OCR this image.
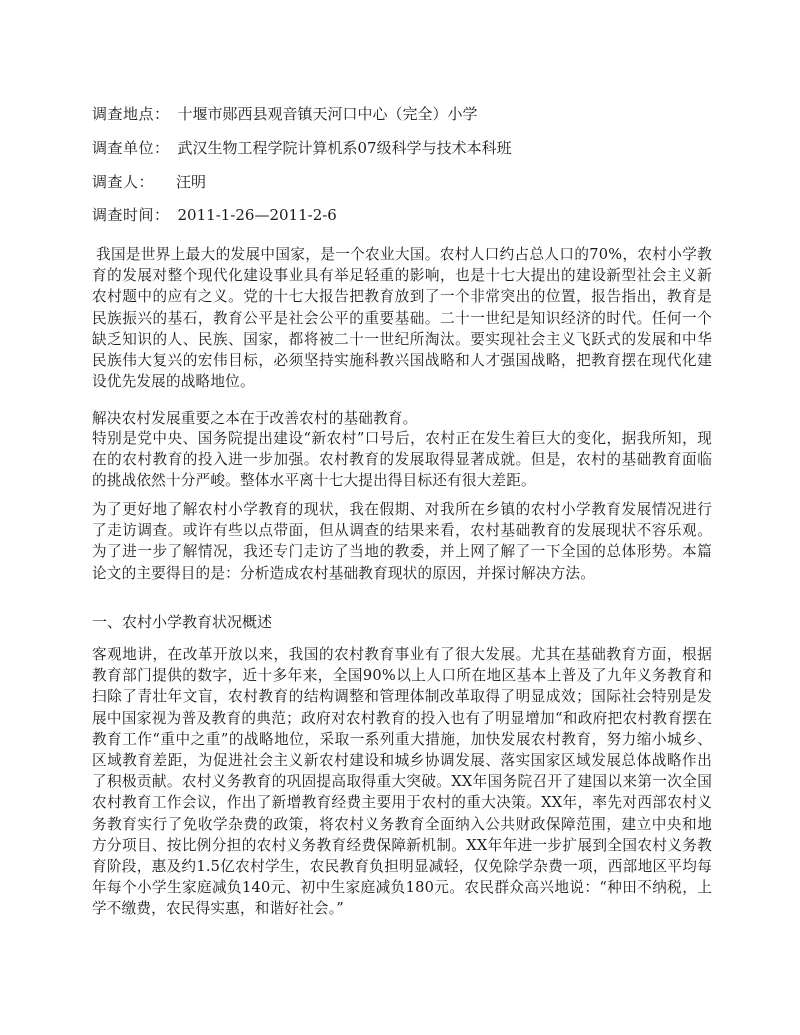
调查地点： 十堰市郧西县观音镇天河口中心（完全）小学
调查单位： 武汉生物工程学院计算机系07级科学与技术本科班
调查人： 汪明
调查时间： 2011-1-26—2011-2-6

我国是世界上最大的发展中国家，是一个农业大国。农村人口约占总人口的70%，农村小学教育的发展对整个现代化建设事业具有举足轻重的影响，也是十七大提出的建设新型社会主义新农村题中的应有之义。党的十七大报告把教育放到了一个非常突出的位置，报告指出，教育是民族振兴的基石，教育公平是社会公平的重要基础。二十一世纪是知识经济的时代。任何一个缺乏知识的人、民族、国家，都将被二十一世纪所淘汰。要实现社会主义飞跃式的发展和中华民族伟大复兴的宏伟目标，必须坚持实施科教兴国战略和人才强国战略，把教育摆在现代化建设优先发展的战略地位。

解决农村发展重要之本在于改善农村的基础教育。

特别是党中央、国务院提出建设“新农村”口号后，农村正在发生着巨大的变化，据我所知，现在的农村教育的投入进一步加强。农村教育的发展取得显著成就。但是，农村的基础教育面临的挑战依然十分严峻。整体水平离十七大提出得目标还有很大差距。

为了更好地了解农村小学教育的现状，我在假期、对我所在乡镇的农村小学教育发展情况进行了走访调查。或许有些以点带面，但从调查的结果来看，农村基础教育的发展现状不容乐观。为了进一步了解情况，我还专门走访了当地的教委，并上网了解了一下全国的总体形势。本篇论文的主要得目的是：分析造成农村基础教育现状的原因，并探讨解决方法。

一、农村小学教育状况概述

客观地讲，在改革开放以来，我国的农村教育事业有了很大发展。尤其在基础教育方面，根据教育部门提供的数字，近十多年来，全国90%以上人口所在地区基本上普及了九年义务教育和扫除了青壮年文盲，农村教育的结构调整和管理体制改革取得了明显成效；国际社会特别是发展中国家视为普及教育的典范；政府对农村教育的投入也有了明显增加“和政府把农村教育摆在教育工作“重中之重”的战略地位，采取一系列重大措施，加快发展农村教育，努力缩小城乡、区域教育差距，为促进社会主义新农村建设和城乡协调发展、落实国家区域发展总体战略作出了积极贡献。农村义务教育的巩固提高取得重大突破。XX年国务院召开了建国以来第一次全国农村教育工作会议，作出了新增教育经费主要用于农村的重大决策。XX年，率先对西部农村义务教育实行了免收学杂费的政策，将农村义务教育全面纳入公共财政保障范围，建立中央和地方分项目、按比例分担的农村义务教育经费保障新机制。XX年年进一步扩展到全国农村义务教育阶段，惠及约1.5亿农村学生，农民教育负担明显减轻，仅免除学杂费一项，西部地区平均每年每个小学生家庭减负140元、初中生家庭减负180元。农民群众高兴地说：“种田不纳税，上学不缴费，农民得实惠，和谐好社会。”
